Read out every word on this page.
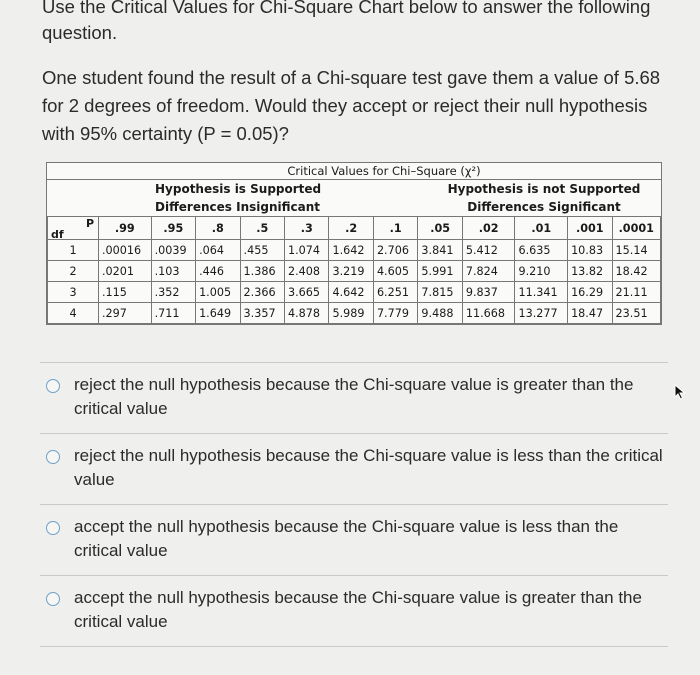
Use the Critical Values for Chi-Square Chart below to answer the following question.
One student found the result of a Chi-square test gave them a value of 5.68 for 2 degrees of freedom. Would they accept or reject their null hypothesis with 95% certainty (P = 0.05)?
Critical Values for Chi–Square (χ²)
Hypothesis is Supported
Differences Insignificant
Hypothesis is not Supported
Differences Significant
P
df	.99	.95	.8	.5	.3	.2	.1	.05	.02	.01	.001	.0001
1	.00016	.0039	.064	.455	1.074	1.642	2.706	3.841	5.412	6.635	10.83	15.14
2	.0201	.103	.446	1.386	2.408	3.219	4.605	5.991	7.824	9.210	13.82	18.42
3	.115	.352	1.005	2.366	3.665	4.642	6.251	7.815	9.837	11.341	16.29	21.11
4	.297	.711	1.649	3.357	4.878	5.989	7.779	9.488	11.668	13.277	18.47	23.51
reject the null hypothesis because the Chi-square value is greater than the critical value
reject the null hypothesis because the Chi-square value is less than the critical value
accept the null hypothesis because the Chi-square value is less than the critical value
accept the null hypothesis because the Chi-square value is greater than the critical value
